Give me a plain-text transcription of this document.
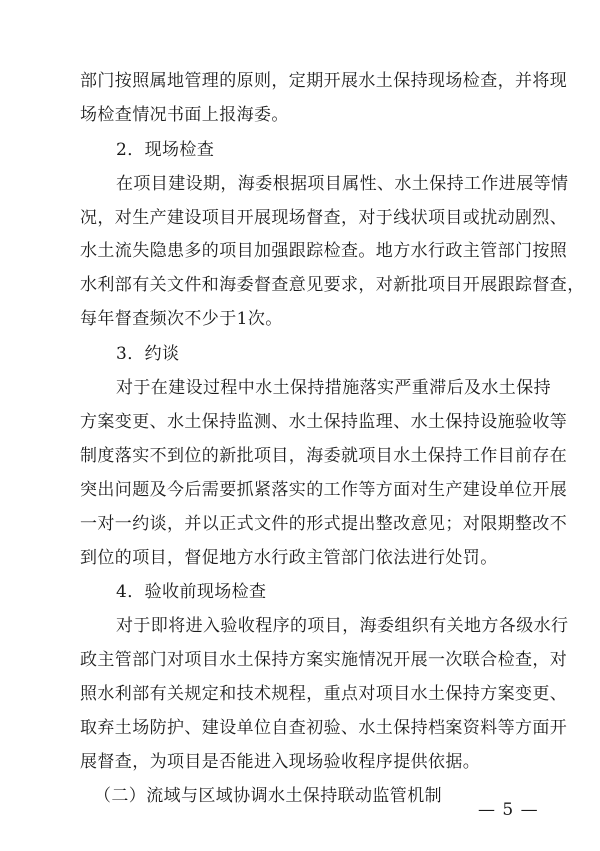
部门按照属地管理的原则，定期开展水土保持现场检查，并将现
场检查情况书面上报海委。
2．现场检查
在项目建设期，海委根据项目属性、水土保持工作进展等情
况，对生产建设项目开展现场督查，对于线状项目或扰动剧烈、
水土流失隐患多的项目加强跟踪检查。地方水行政主管部门按照
水利部有关文件和海委督查意见要求，对新批项目开展跟踪督查，
每年督查频次不少于1次。
3．约谈
对于在建设过程中水土保持措施落实严重滞后及水土保持
方案变更、水土保持监测、水土保持监理、水土保持设施验收等
制度落实不到位的新批项目，海委就项目水土保持工作目前存在
突出问题及今后需要抓紧落实的工作等方面对生产建设单位开展
一对一约谈，并以正式文件的形式提出整改意见；对限期整改不
到位的项目，督促地方水行政主管部门依法进行处罚。
4．验收前现场检查
对于即将进入验收程序的项目，海委组织有关地方各级水行
政主管部门对项目水土保持方案实施情况开展一次联合检查，对
照水利部有关规定和技术规程，重点对项目水土保持方案变更、
取弃土场防护、建设单位自查初验、水土保持档案资料等方面开
展督查，为项目是否能进入现场验收程序提供依据。
（二）流域与区域协调水土保持联动监管机制
— 5 —
